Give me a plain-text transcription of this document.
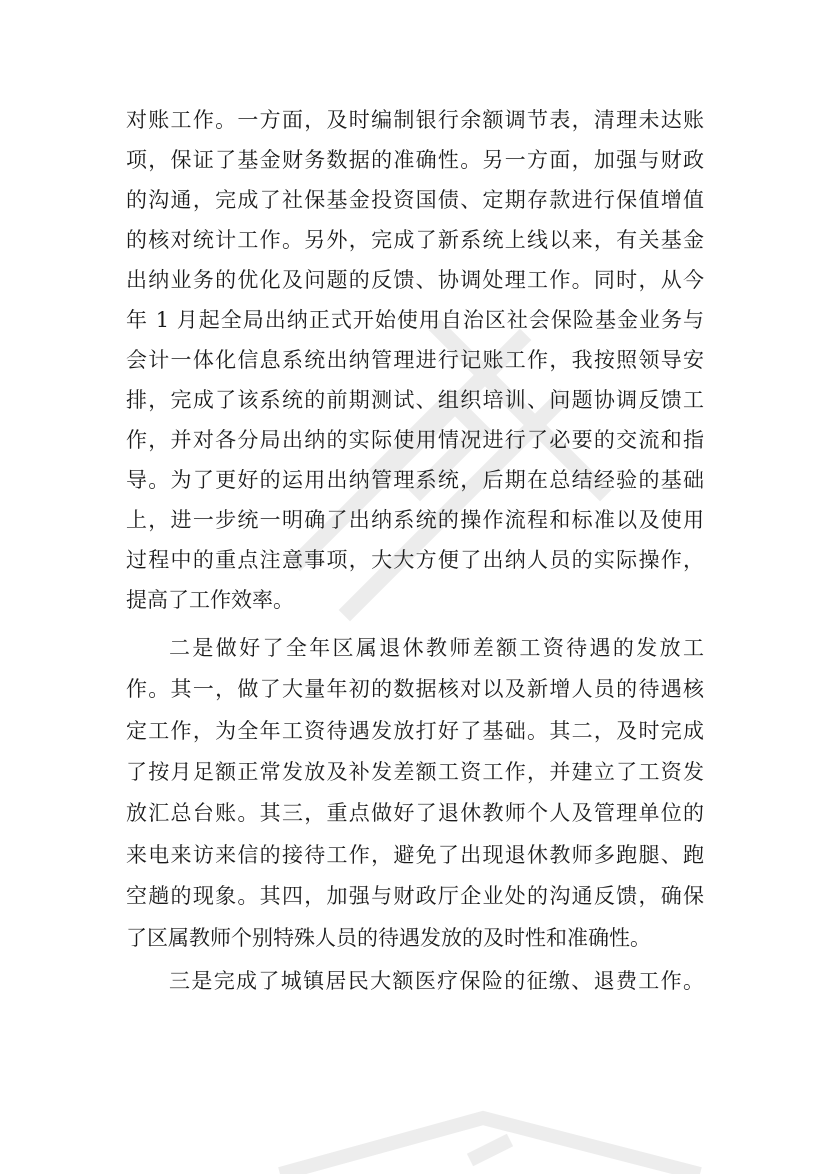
对账工作。一方面，及时编制银行余额调节表，清理未达账
项，保证了基金财务数据的准确性。另一方面，加强与财政
的沟通，完成了社保基金投资国债、定期存款进行保值增值
的核对统计工作。另外，完成了新系统上线以来，有关基金
出纳业务的优化及问题的反馈、协调处理工作。同时，从今
年 1 月起全局出纳正式开始使用自治区社会保险基金业务与
会计一体化信息系统出纳管理进行记账工作，我按照领导安
排，完成了该系统的前期测试、组织培训、问题协调反馈工
作，并对各分局出纳的实际使用情况进行了必要的交流和指
导。为了更好的运用出纳管理系统，后期在总结经验的基础
上，进一步统一明确了出纳系统的操作流程和标准以及使用
过程中的重点注意事项，大大方便了出纳人员的实际操作，
提高了工作效率。
二是做好了全年区属退休教师差额工资待遇的发放工
作。其一，做了大量年初的数据核对以及新增人员的待遇核
定工作，为全年工资待遇发放打好了基础。其二，及时完成
了按月足额正常发放及补发差额工资工作，并建立了工资发
放汇总台账。其三，重点做好了退休教师个人及管理单位的
来电来访来信的接待工作，避免了出现退休教师多跑腿、跑
空趟的现象。其四，加强与财政厅企业处的沟通反馈，确保
了区属教师个别特殊人员的待遇发放的及时性和准确性。
三是完成了城镇居民大额医疗保险的征缴、退费工作。
